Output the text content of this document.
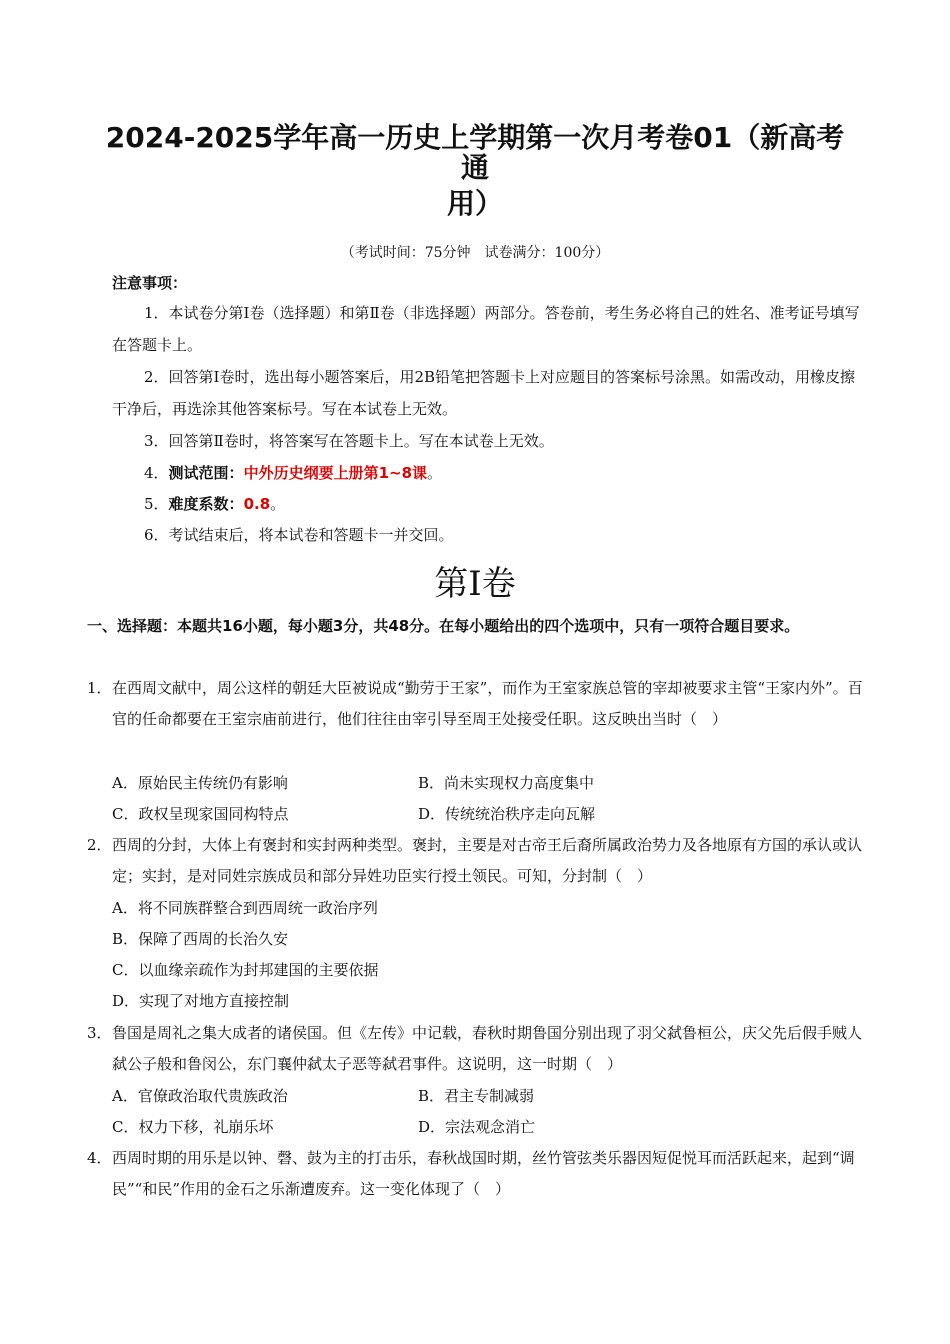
2024-2025学年高一历史上学期第一次月考卷01（新高考通
用）
（考试时间：75分钟　试卷满分：100分）
注意事项：
1．本试卷分第Ⅰ卷（选择题）和第Ⅱ卷（非选择题）两部分。答卷前，考生务必将自己的姓名、准考证号填写在答题卡上。
2．回答第Ⅰ卷时，选出每小题答案后，用2B铅笔把答题卡上对应题目的答案标号涂黑。如需改动，用橡皮擦干净后，再选涂其他答案标号。写在本试卷上无效。
3．回答第Ⅱ卷时，将答案写在答题卡上。写在本试卷上无效。
4．测试范围：中外历史纲要上册第1~8课。
5．难度系数：0.8。
6．考试结束后，将本试卷和答题卡一并交回。
第Ⅰ卷
一、选择题：本题共16小题，每小题3分，共48分。在每小题给出的四个选项中，只有一项符合题目要求。
1． 在西周文献中，周公这样的朝廷大臣被说成“勤劳于王家”，而作为王室家族总管的宰却被要求主管“王家内外”。百官的任命都要在王室宗庙前进行，他们往往由宰引导至周王处接受任职。这反映出当时（　）
A．原始民主传统仍有影响	B．尚未实现权力高度集中
C．政权呈现家国同构特点	D．传统统治秩序走向瓦解
2． 西周的分封，大体上有褒封和实封两种类型。褒封，主要是对古帝王后裔所属政治势力及各地原有方国的承认或认定；实封，是对同姓宗族成员和部分异姓功臣实行授土领民。可知，分封制（　）
A．将不同族群整合到西周统一政治序列
B．保障了西周的长治久安
C．以血缘亲疏作为封邦建国的主要依据
D．实现了对地方直接控制
3． 鲁国是周礼之集大成者的诸侯国。但《左传》中记载，春秋时期鲁国分别出现了羽父弑鲁桓公，庆父先后假手贼人弑公子般和鲁闵公，东门襄仲弑太子恶等弑君事件。这说明，这一时期（　）
A．官僚政治取代贵族政治	B．君主专制减弱
C．权力下移，礼崩乐坏	D．宗法观念消亡
4． 西周时期的用乐是以钟、磬、鼓为主的打击乐，春秋战国时期，丝竹管弦类乐器因短促悦耳而活跃起来，起到“调民”“和民”作用的金石之乐渐遭废弃。这一变化体现了（　）
